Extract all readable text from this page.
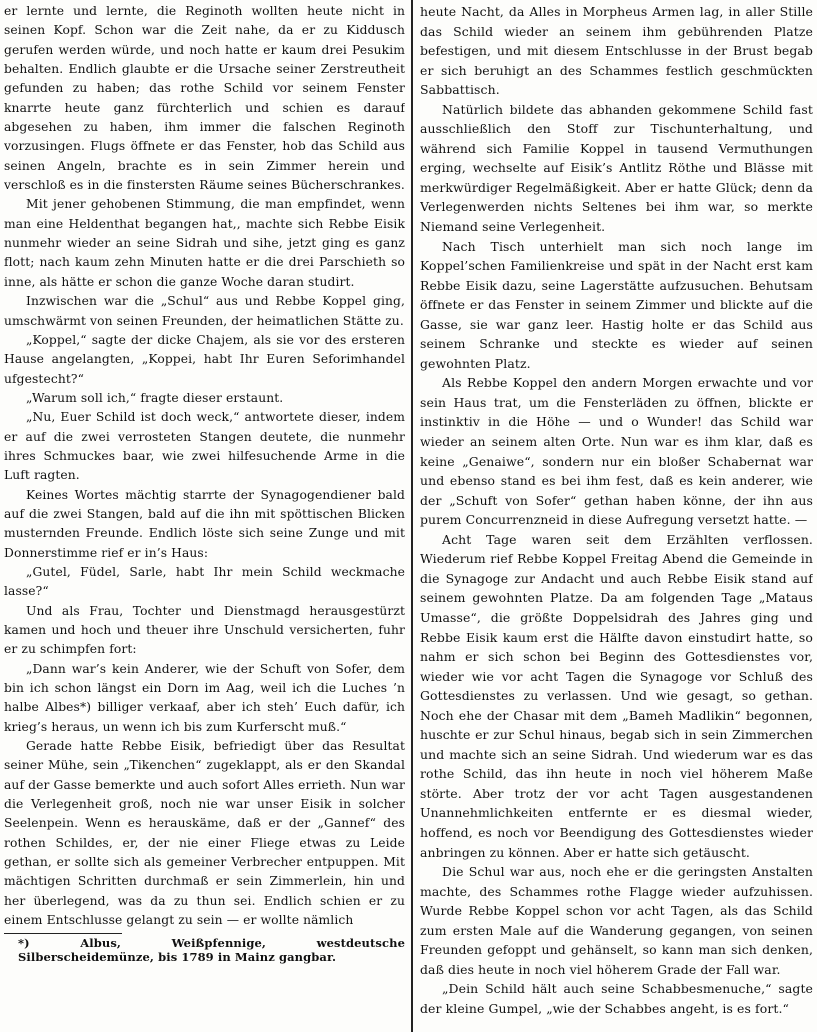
er lernte und lernte, die Reginoth wollten heute nicht in seinen Kopf. Schon war die Zeit nahe, da er zu Kiddusch gerufen werden würde, und noch hatte er kaum drei Pesukim behalten. Endlich glaubte er die Ursache seiner Zerstreutheit gefunden zu haben; das rothe Schild vor seinem Fenster knarrte heute ganz fürchterlich und schien es darauf abgesehen zu haben, ihm immer die falschen Reginoth vorzusingen. Flugs öffnete er das Fenster, hob das Schild aus seinen Angeln, brachte es in sein Zimmer herein und verschloß es in die finstersten Räume seines Bücherschrankes.

Mit jener gehobenen Stimmung, die man empfindet, wenn man eine Heldenthat begangen hat,, machte sich Rebbe Eisik nunmehr wieder an seine Sidrah und sihe, jetzt ging es ganz flott; nach kaum zehn Minuten hatte er die drei Parschieth so inne, als hätte er schon die ganze Woche daran studirt.

Inzwischen war die „Schul“ aus und Rebbe Koppel ging, umschwärmt von seinen Freunden, der heimatlichen Stätte zu.

„Koppel,“ sagte der dicke Chajem, als sie vor des ersteren Hause angelangten, „Koppei, habt Ihr Euren Seforimhandel ufgestecht?“

„Warum soll ich,“ fragte dieser erstaunt.

„Nu, Euer Schild ist doch weck,“ antwortete dieser, indem er auf die zwei verrosteten Stangen deutete, die nunmehr ihres Schmuckes baar, wie zwei hilfesuchende Arme in die Luft ragten.

Keines Wortes mächtig starrte der Synagogendiener bald auf die zwei Stangen, bald auf die ihn mit spöttischen Blicken musternden Freunde. Endlich löste sich seine Zunge und mit Donnerstimme rief er in’s Haus:

„Gutel, Füdel, Sarle, habt Ihr mein Schild weckmache lasse?“

Und als Frau, Tochter und Dienstmagd herausgestürzt kamen und hoch und theuer ihre Unschuld versicherten, fuhr er zu schimpfen fort:

„Dann war’s kein Anderer, wie der Schuft von Sofer, dem bin ich schon längst ein Dorn im Aag, weil ich die Luches ’n halbe Albes*) billiger verkaaf, aber ich steh’ Euch dafür, ich krieg’s heraus, un wenn ich bis zum Kurferscht muß.“

Gerade hatte Rebbe Eisik, befriedigt über das Resultat seiner Mühe, sein „Tikenchen“ zugeklappt, als er den Skandal auf der Gasse bemerkte und auch sofort Alles errieth. Nun war die Verlegenheit groß, noch nie war unser Eisik in solcher Seelenpein. Wenn es herauskäme, daß er der „Gannef“ des rothen Schildes, er, der nie einer Fliege etwas zu Leide gethan, er sollte sich als gemeiner Verbrecher entpuppen. Mit mächtigen Schritten durchmaß er sein Zimmerlein, hin und her überlegend, was da zu thun sei. Endlich schien er zu einem Entschlusse gelangt zu sein — er wollte nämlich

*) Albus, Weißpfennige, westdeutsche Silberscheidemünze, bis 1789 in Mainz gangbar.

heute Nacht, da Alles in Morpheus Armen lag, in aller Stille das Schild wieder an seinem ihm gebührenden Platze befestigen, und mit diesem Entschlusse in der Brust begab er sich beruhigt an des Schammes festlich geschmückten Sabbattisch.

Natürlich bildete das abhanden gekommene Schild fast ausschließlich den Stoff zur Tischunterhaltung, und während sich Familie Koppel in tausend Vermuthungen erging, wechselte auf Eisik’s Antlitz Röthe und Blässe mit merkwürdiger Regelmäßigkeit. Aber er hatte Glück; denn da Verlegenwerden nichts Seltenes bei ihm war, so merkte Niemand seine Verlegenheit.

Nach Tisch unterhielt man sich noch lange im Koppel’schen Familienkreise und spät in der Nacht erst kam Rebbe Eisik dazu, seine Lagerstätte aufzusuchen. Behutsam öffnete er das Fenster in seinem Zimmer und blickte auf die Gasse, sie war ganz leer. Hastig holte er das Schild aus seinem Schranke und steckte es wieder auf seinen gewohnten Platz.

Als Rebbe Koppel den andern Morgen erwachte und vor sein Haus trat, um die Fensterläden zu öffnen, blickte er instinktiv in die Höhe — und o Wunder! das Schild war wieder an seinem alten Orte. Nun war es ihm klar, daß es keine „Genaiwe“, sondern nur ein bloßer Schabernat war und ebenso stand es bei ihm fest, daß es kein anderer, wie der „Schuft von Sofer“ gethan haben könne, der ihn aus purem Concurrenzneid in diese Aufregung versetzt hatte. —

Acht Tage waren seit dem Erzählten verflossen. Wiederum rief Rebbe Koppel Freitag Abend die Gemeinde in die Synagoge zur Andacht und auch Rebbe Eisik stand auf seinem gewohnten Platze. Da am folgenden Tage „Mataus Umasse“, die größte Doppelsidrah des Jahres ging und Rebbe Eisik kaum erst die Hälfte davon einstudirt hatte, so nahm er sich schon bei Beginn des Gottesdienstes vor, wieder wie vor acht Tagen die Synagoge vor Schluß des Gottesdienstes zu verlassen. Und wie gesagt, so gethan. Noch ehe der Chasar mit dem „Bameh Madlikin“ begonnen, huschte er zur Schul hinaus, begab sich in sein Zimmerchen und machte sich an seine Sidrah. Und wiederum war es das rothe Schild, das ihn heute in noch viel höherem Maße störte. Aber trotz der vor acht Tagen ausgestandenen Unannehmlichkeiten entfernte er es diesmal wieder, hoffend, es noch vor Beendigung des Gottesdienstes wieder anbringen zu können. Aber er hatte sich getäuscht.

Die Schul war aus, noch ehe er die geringsten Anstalten machte, des Schammes rothe Flagge wieder aufzuhissen. Wurde Rebbe Koppel schon vor acht Tagen, als das Schild zum ersten Male auf die Wanderung gegangen, von seinen Freunden gefoppt und gehänselt, so kann man sich denken, daß dies heute in noch viel höherem Grade der Fall war.

„Dein Schild hält auch seine Schabbesmenuche,“ sagte der kleine Gumpel, „wie der Schabbes angeht, is es fort.“
